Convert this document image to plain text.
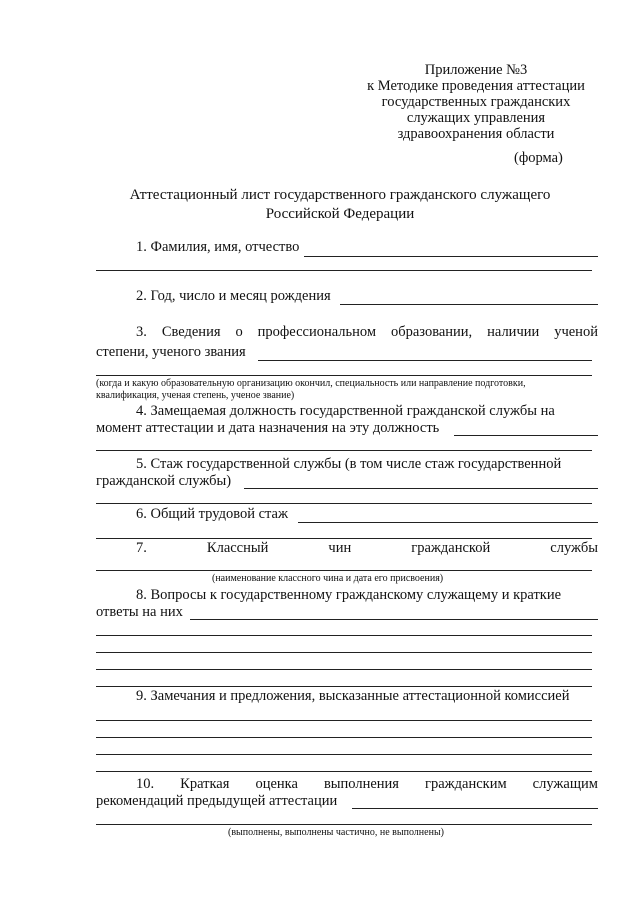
Приложение №3
к Методике проведения аттестации
государственных гражданских
служащих управления
здравоохранения области
(форма)
Аттестационный лист государственного гражданского служащего
Российской Федерации
1. Фамилия, имя, отчество
2. Год, число и месяц рождения
3. Сведения о профессиональном образовании, наличии ученой
степени, ученого звания
(когда и какую образовательную организацию окончил, специальность или направление подготовки,
квалификация, ученая степень, ученое звание)
4. Замещаемая должность государственной гражданской службы на
момент аттестации и дата назначения на эту должность
5. Стаж государственной службы (в том числе стаж государственной
гражданской службы)
6. Общий трудовой стаж
7.	Классный	чин	гражданской	службы
(наименование классного чина и дата его присвоения)
8. Вопросы к государственному гражданскому служащему и краткие
ответы на них
9. Замечания и предложения, высказанные аттестационной комиссией
10. Краткая оценка выполнения гражданским служащим
рекомендаций предыдущей аттестации
(выполнены, выполнены частично, не выполнены)
